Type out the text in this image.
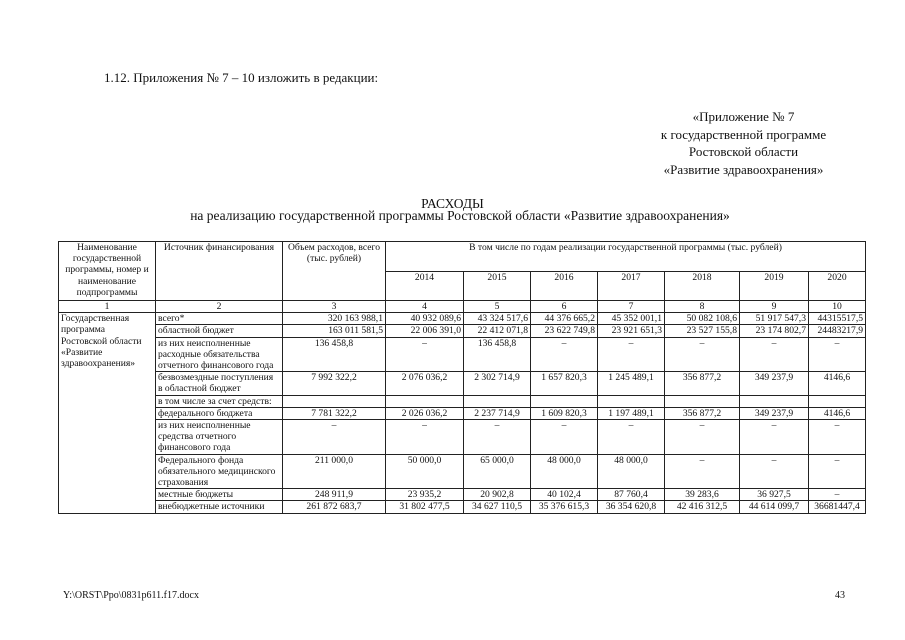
1.12. Приложения № 7 – 10 изложить в редакции:
«Приложение № 7
к государственной программе
Ростовской области
«Развитие здравоохранения»
РАСХОДЫ
на реализацию государственной программы Ростовской области «Развитие здравоохранения»
Наименование государственной программы, номер и наименование подпрограммы	Источник финансирования	Объем расходов, всего (тыс. рублей)	В том числе по годам реализации государственной программы (тыс. рублей)						
			2014	2015	2016	2017	2018	2019	2020
1	2	3	4	5	6	7	8	9	10
Государственная программа Ростовской области «Развитие здравоохранения»	всего*	320 163 988,1	40 932 089,6	43 324 517,6	44 376 665,2	45 352 001,1	50 082 108,6	51 917 547,3	44315517,5
	областной бюджет	163 011 581,5	22 006 391,0	22 412 071,8	23 622 749,8	23 921 651,3	23 527 155,8	23 174 802,7	24483217,9
	из них неисполненные расходные обязательства отчетного финансового года	136 458,8	–	136 458,8	–	–	–	–	–
	безвозмездные поступления в областной бюджет	7 992 322,2	2 076 036,2	2 302 714,9	1 657 820,3	1 245 489,1	356 877,2	349 237,9	4146,6
	в том числе за счет средств:								
	федерального бюджета	7 781 322,2	2 026 036,2	2 237 714,9	1 609 820,3	1 197 489,1	356 877,2	349 237,9	4146,6
	из них неисполненные средства отчетного финансового года	–	–	–	–	–	–	–	–
	Федерального фонда обязательного медицинского страхования	211 000,0	50 000,0	65 000,0	48 000,0	48 000,0	–	–	–
	местные бюджеты	248 911,9	23 935,2	20 902,8	40 102,4	87 760,4	39 283,6	36 927,5	–
	внебюджетные источники	261 872 683,7	31 802 477,5	34 627 110,5	35 376 615,3	36 354 620,8	42 416 312,5	44 614 099,7	36681447,4
Y:\ORST\Ppo\0831p611.f17.docx	43
